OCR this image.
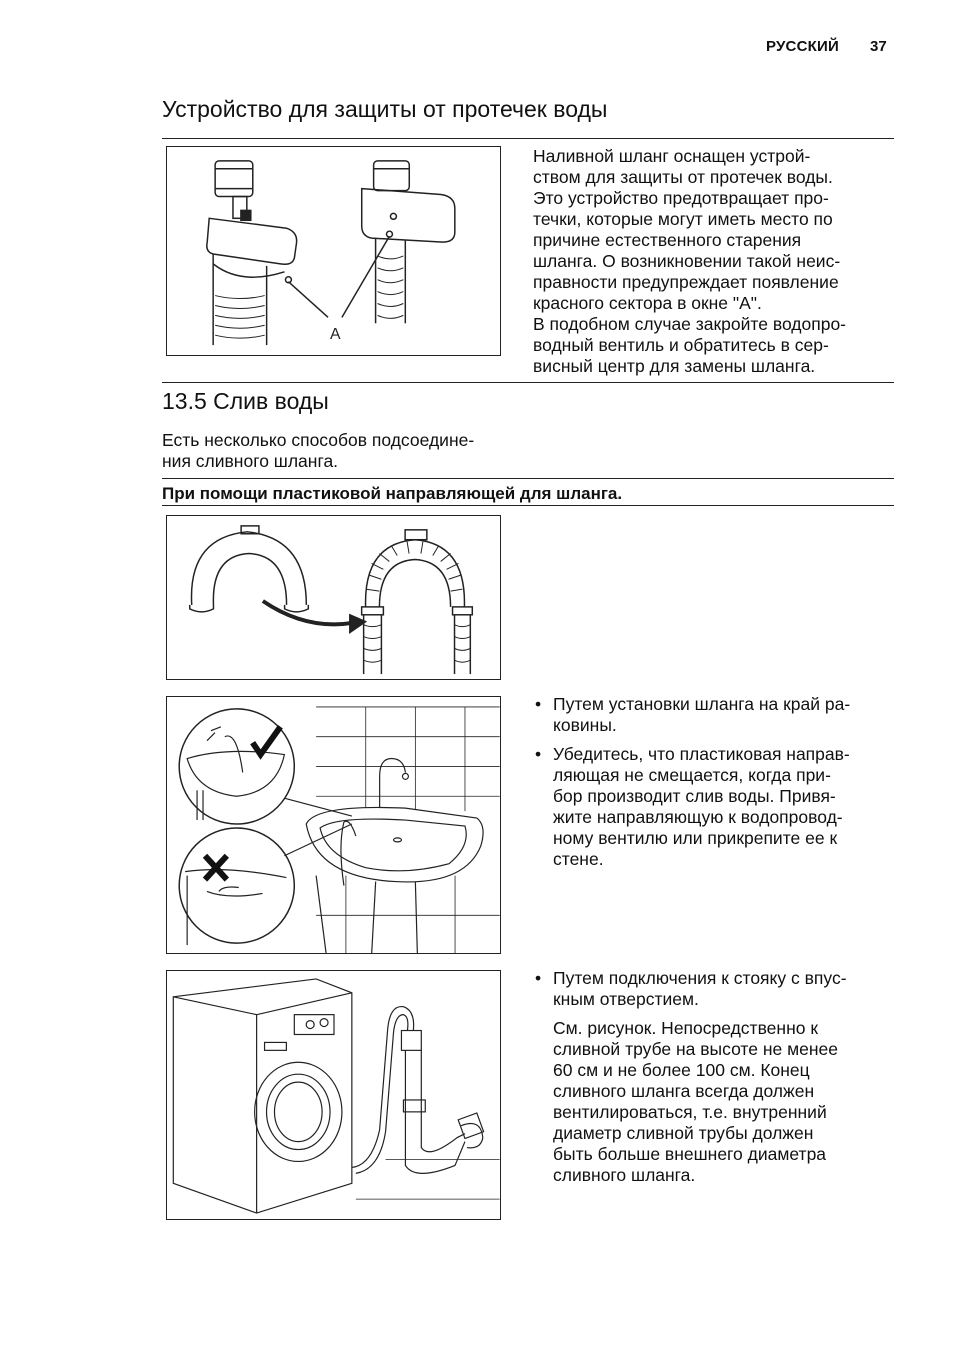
РУССКИЙ 37
Устройство для защиты от протечек воды
A

Наливной шланг оснащен устрой-

ством для защиты от протечек воды.

Это устройство предотвращает про-

течки, которые могут иметь место по

причине естественного старения

шланга. О возникновении такой неис-

правности предупреждает появление

красного сектора в окне "A".

В подобном случае закройте водопро-

водный вентиль и обратитесь в сер-

висный центр для замены шланга.

13.5 Слив воды

Есть несколько способов подсоедине-

ния сливного шланга.

При помощи пластиковой направляющей для шланга.
• Путем установки шланга на край ра-
ковины.
• Убедитесь, что пластиковая направ-
ляющая не смещается, когда при-
бор производит слив воды. Привя-
жите направляющую к водопровод-
ному вентилю или прикрепите ее к
стене.
• Путем подключения к стояку с впус-
кным отверстием.
См. рисунок. Непосредственно к
сливной трубе на высоте не менее
60 см и не более 100 см. Конец
сливного шланга всегда должен
вентилироваться, т.е. внутренний
диаметр сливной трубы должен
быть больше внешнего диаметра
сливного шланга.
